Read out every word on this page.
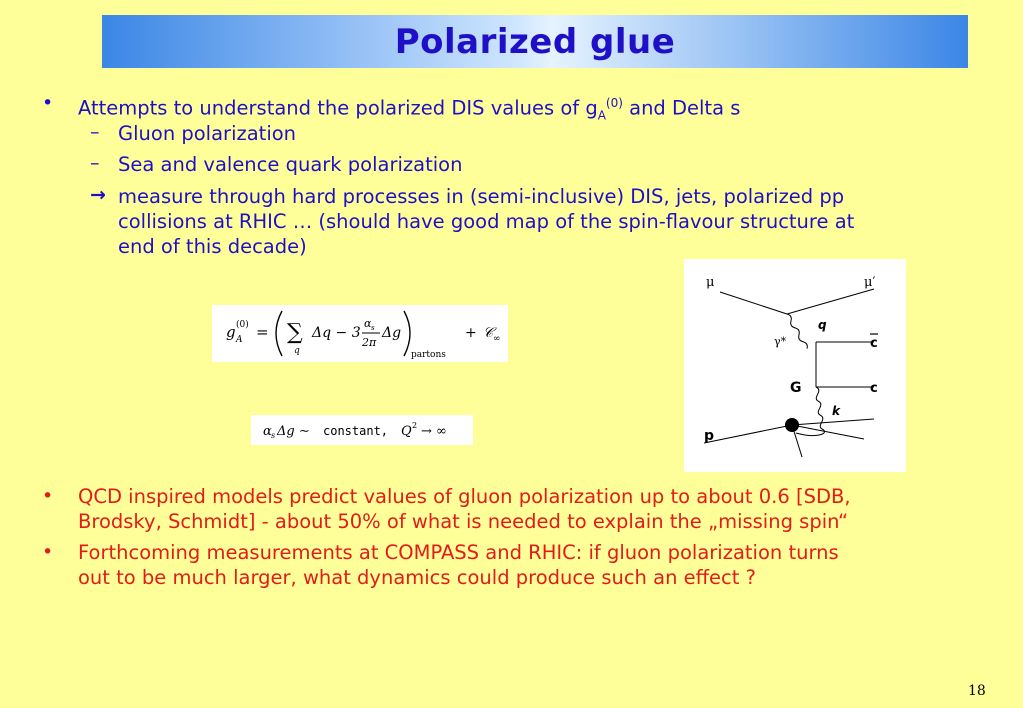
Polarized glue
• Attempts to understand the polarized DIS values of $g_A^{(0)}$ and Delta s
– Gluon polarization
– Sea and valence quark polarization
→ measure through hard processes in (semi-inclusive) DIS, jets, polarized pp
collisions at RHIC … (should have good map of the spin-flavour structure at
end of this decade)
g (0)
A = ∑
q
Δq − 3
α s
2π
Δg
partons
+ 𝒞 ∞
α s Δg ∼ constant, Q 2 → ∞
μ	μ′
q
γ*	c
c
G
k
p
• QCD inspired models predict values of gluon polarization up to about 0.6 [SDB,
Brodsky, Schmidt] - about 50% of what is needed to explain the „missing spin“
• Forthcoming measurements at COMPASS and RHIC: if gluon polarization turns
out to be much larger, what dynamics could produce such an effect ?
18
